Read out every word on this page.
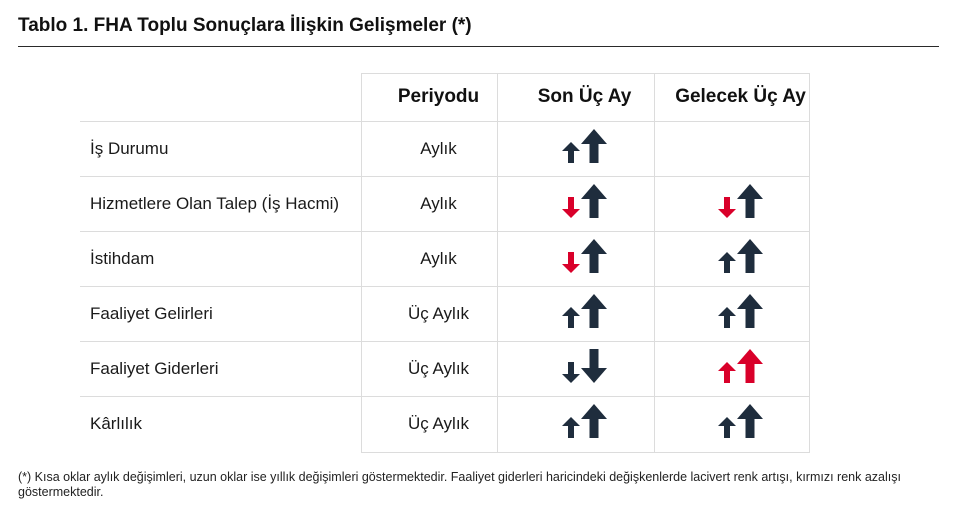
Tablo 1. FHA Toplu Sonuçlara İlişkin Gelişmeler (*)
	Periyodu	Son Üç Ay	Gelecek Üç Ay
İş Durumu	Aylık	

Hizmetlere Olan Talep (İş Hacmi)	Aylık	

İstihdam	Aylık	

Faaliyet Gelirleri	Üç Aylık	

Faaliyet Giderleri	Üç Aylık	

Kârlılık	Üç Aylık	

(*) Kısa oklar aylık değişimleri, uzun oklar ise yıllık değişimleri göstermektedir. Faaliyet giderleri haricindeki değişkenlerde lacivert renk artışı, kırmızı renk azalışı göstermektedir.
